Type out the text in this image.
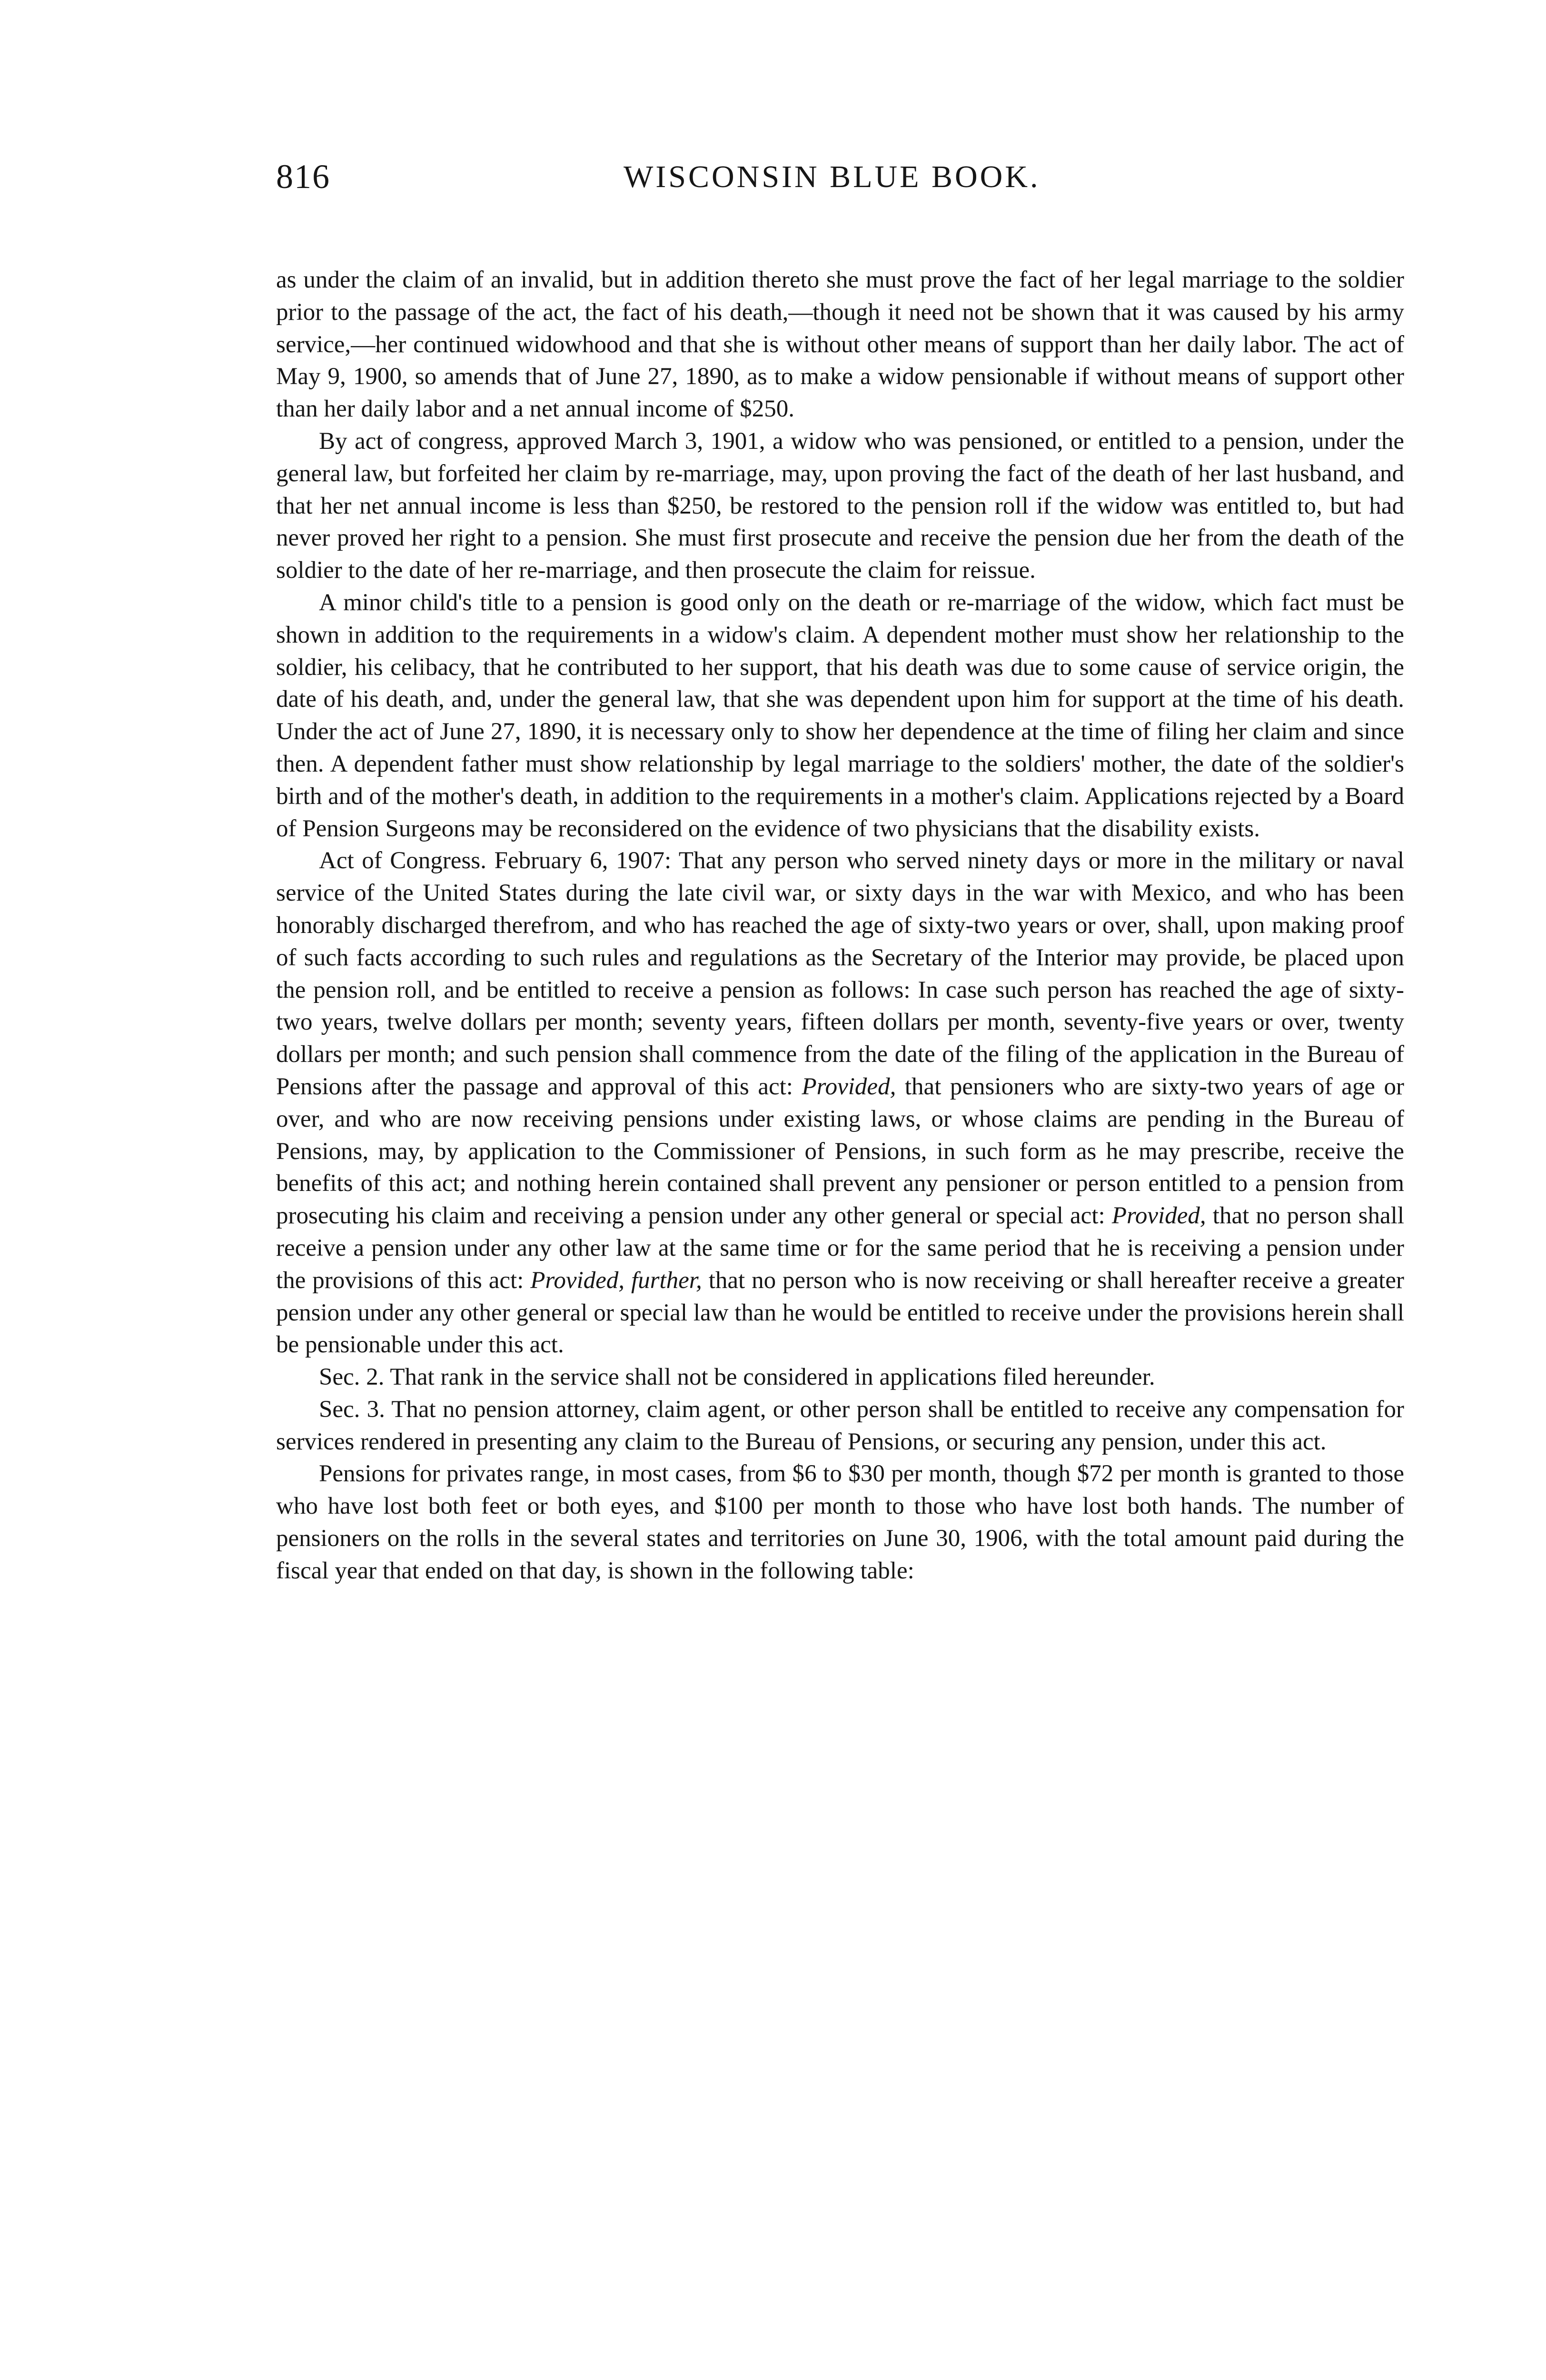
816	WISCONSIN BLUE BOOK.

as under the claim of an invalid, but in addition thereto she must prove the fact of her legal marriage to the soldier prior to the passage of the act, the fact of his death,—though it need not be shown that it was caused by his army service,—her continued widowhood and that she is without other means of support than her daily labor. The act of May 9, 1900, so amends that of June 27, 1890, as to make a widow pensionable if without means of support other than her daily labor and a net annual income of $250.

By act of congress, approved March 3, 1901, a widow who was pensioned, or entitled to a pension, under the general law, but forfeited her claim by re-marriage, may, upon proving the fact of the death of her last husband, and that her net annual income is less than $250, be restored to the pension roll if the widow was entitled to, but had never proved her right to a pension. She must first prosecute and receive the pension due her from the death of the soldier to the date of her re-marriage, and then prosecute the claim for reissue.

A minor child's title to a pension is good only on the death or re-marriage of the widow, which fact must be shown in addition to the requirements in a widow's claim. A dependent mother must show her relationship to the soldier, his celibacy, that he contributed to her support, that his death was due to some cause of service origin, the date of his death, and, under the general law, that she was dependent upon him for support at the time of his death. Under the act of June 27, 1890, it is necessary only to show her dependence at the time of filing her claim and since then. A dependent father must show relationship by legal marriage to the soldiers' mother, the date of the soldier's birth and of the mother's death, in addition to the requirements in a mother's claim. Applications rejected by a Board of Pension Surgeons may be reconsidered on the evidence of two physicians that the disability exists.

Act of Congress. February 6, 1907: That any person who served ninety days or more in the military or naval service of the United States during the late civil war, or sixty days in the war with Mexico, and who has been honorably discharged therefrom, and who has reached the age of sixty-two years or over, shall, upon making proof of such facts according to such rules and regulations as the Secretary of the Interior may provide, be placed upon the pension roll, and be entitled to receive a pension as follows: In case such person has reached the age of sixty-two years, twelve dollars per month; seventy years, fifteen dollars per month, seventy-five years or over, twenty dollars per month; and such pension shall commence from the date of the filing of the application in the Bureau of Pensions after the passage and approval of this act: Provided, that pensioners who are sixty-two years of age or over, and who are now receiving pensions under existing laws, or whose claims are pending in the Bureau of Pensions, may, by application to the Commissioner of Pensions, in such form as he may prescribe, receive the benefits of this act; and nothing herein contained shall prevent any pensioner or person entitled to a pension from prosecuting his claim and receiving a pension under any other general or special act: Provided, that no person shall receive a pension under any other law at the same time or for the same period that he is receiving a pension under the provisions of this act: Provided, further, that no person who is now receiving or shall hereafter receive a greater pension under any other general or special law than he would be entitled to receive under the provisions herein shall be pensionable under this act.

Sec. 2. That rank in the service shall not be considered in applications filed hereunder.

Sec. 3. That no pension attorney, claim agent, or other person shall be entitled to receive any compensation for services rendered in presenting any claim to the Bureau of Pensions, or securing any pension, under this act.

Pensions for privates range, in most cases, from $6 to $30 per month, though $72 per month is granted to those who have lost both feet or both eyes, and $100 per month to those who have lost both hands. The number of pensioners on the rolls in the several states and territories on June 30, 1906, with the total amount paid during the fiscal year that ended on that day, is shown in the following table:
